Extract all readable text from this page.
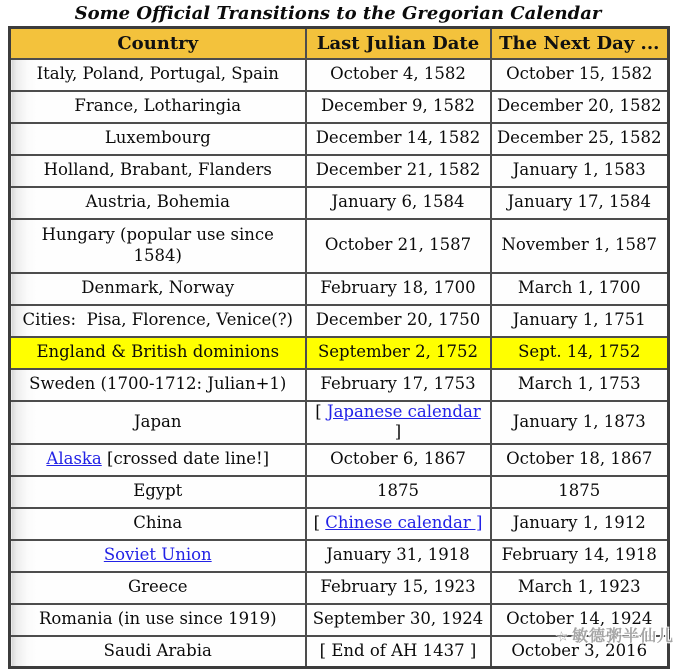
Some Official Transitions to the Gregorian Calendar
Country	Last Julian Date	The Next Day ...
Italy, Poland, Portugal, Spain	October 4, 1582	October 15, 1582
France, Lotharingia	December 9, 1582	December 20, 1582
Luxembourg	December 14, 1582	December 25, 1582
Holland, Brabant, Flanders	December 21, 1582	January 1, 1583
Austria, Bohemia	January 6, 1584	January 17, 1584
Hungary (popular use since 1584)	October 21, 1587	November 1, 1587
Denmark, Norway	February 18, 1700	March 1, 1700
Cities:  Pisa, Florence, Venice(?)	December 20, 1750	January 1, 1751
England & British dominions	September 2, 1752	Sept. 14, 1752
Sweden (1700-1712: Julian+1)	February 17, 1753	March 1, 1753
Japan	[ Japanese calendar ]	January 1, 1873
Alaska [crossed date line!]	October 6, 1867	October 18, 1867
Egypt	1875	1875
China	[ Chinese calendar ]	January 1, 1912
Soviet Union	January 31, 1918	February 14, 1918
Greece	February 15, 1923	March 1, 1923
Romania (in use since 1919)	September 30, 1924	October 14, 1924
Saudi Arabia	[ End of AH 1437 ]	October 3, 2016
☆敏德粥半仙儿
